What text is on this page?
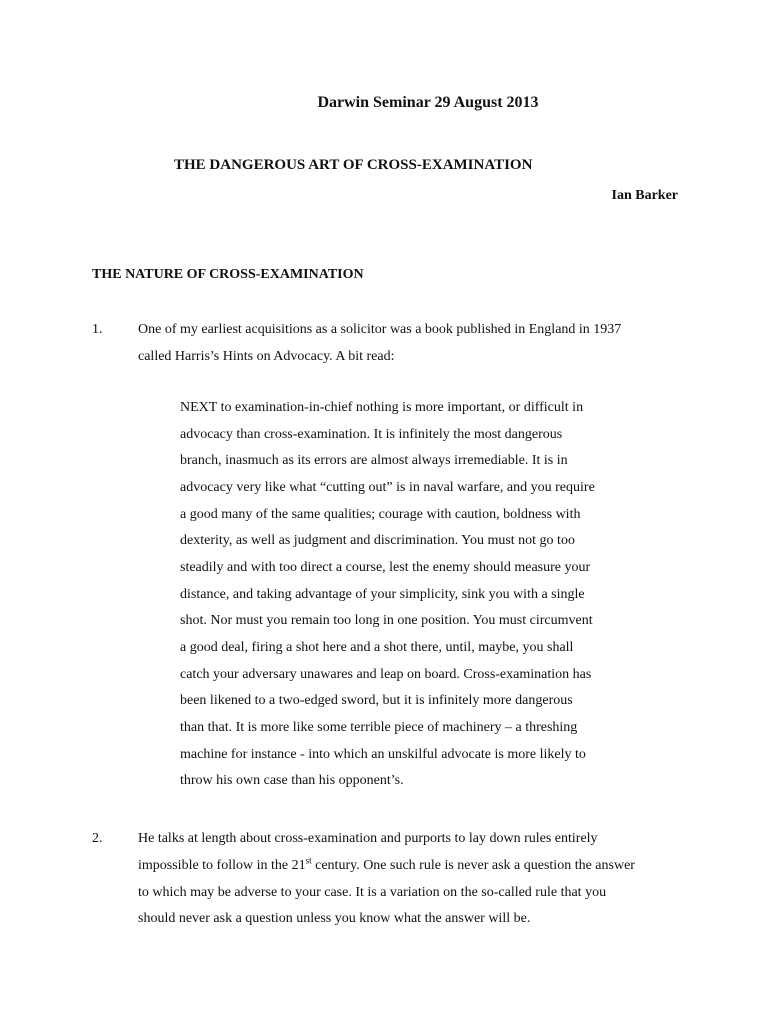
Darwin Seminar 29 August 2013
THE DANGEROUS ART OF CROSS-EXAMINATION
Ian Barker
THE NATURE OF CROSS-EXAMINATION
1.	One of my earliest acquisitions as a solicitor was a book published in England in 1937
called Harris’s Hints on Advocacy. A bit read:
NEXT to examination-in-chief nothing is more important, or difficult in
advocacy than cross-examination. It is infinitely the most dangerous
branch, inasmuch as its errors are almost always irremediable. It is in
advocacy very like what “cutting out” is in naval warfare, and you require
a good many of the same qualities; courage with caution, boldness with
dexterity, as well as judgment and discrimination. You must not go too
steadily and with too direct a course, lest the enemy should measure your
distance, and taking advantage of your simplicity, sink you with a single
shot. Nor must you remain too long in one position. You must circumvent
a good deal, firing a shot here and a shot there, until, maybe, you shall
catch your adversary unawares and leap on board. Cross-examination has
been likened to a two-edged sword, but it is infinitely more dangerous
than that. It is more like some terrible piece of machinery – a threshing
machine for instance - into which an unskilful advocate is more likely to
throw his own case than his opponent’s.
2.	He talks at length about cross-examination and purports to lay down rules entirely
impossible to follow in the 21st century. One such rule is never ask a question the answer
to which may be adverse to your case. It is a variation on the so-called rule that you
should never ask a question unless you know what the answer will be.
